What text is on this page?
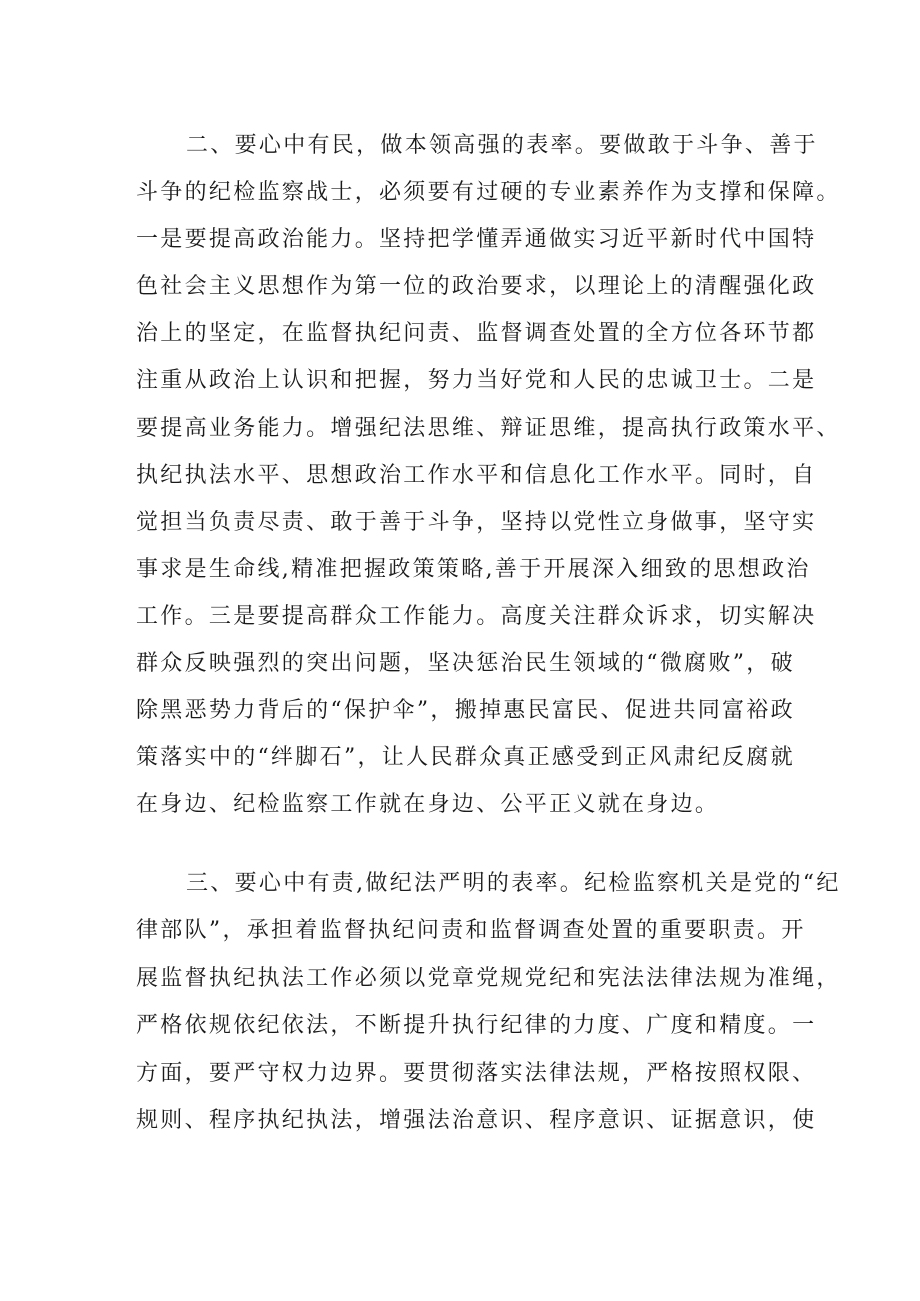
二、要心中有民，做本领高强的表率。要做敢于斗争、善于
斗争的纪检监察战士，必须要有过硬的专业素养作为支撑和保障。
一是要提高政治能力。坚持把学懂弄通做实习近平新时代中国特
色社会主义思想作为第一位的政治要求，以理论上的清醒强化政
治上的坚定，在监督执纪问责、监督调查处置的全方位各环节都
注重从政治上认识和把握，努力当好党和人民的忠诚卫士。二是
要提高业务能力。增强纪法思维、辩证思维，提高执行政策水平、
执纪执法水平、思想政治工作水平和信息化工作水平。同时，自
觉担当负责尽责、敢于善于斗争，坚持以党性立身做事，坚守实
事求是生命线,精准把握政策策略,善于开展深入细致的思想政治
工作。三是要提高群众工作能力。高度关注群众诉求，切实解决
群众反映强烈的突出问题，坚决惩治民生领域的“微腐败”，破
除黑恶势力背后的“保护伞”，搬掉惠民富民、促进共同富裕政
策落实中的“绊脚石”，让人民群众真正感受到正风肃纪反腐就
在身边、纪检监察工作就在身边、公平正义就在身边。
三、要心中有责,做纪法严明的表率。纪检监察机关是党的“纪
律部队”，承担着监督执纪问责和监督调查处置的重要职责。开
展监督执纪执法工作必须以党章党规党纪和宪法法律法规为准绳，
严格依规依纪依法，不断提升执行纪律的力度、广度和精度。一
方面，要严守权力边界。要贯彻落实法律法规，严格按照权限、
规则、程序执纪执法，增强法治意识、程序意识、证据意识，使
